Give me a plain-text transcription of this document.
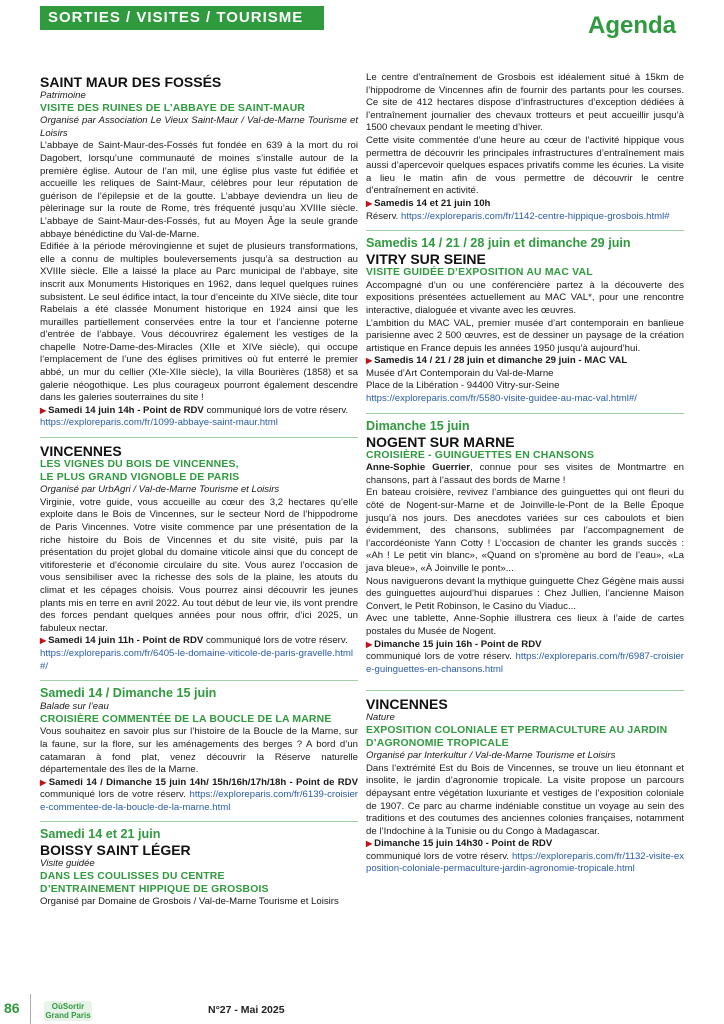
SORTIES / VISITES / TOURISME	Agenda
SAINT MAUR DES FOSSÉS
Patrimoine
VISITE DES RUINES DE L’ABBAYE DE SAINT-MAUR

Organisé par Association Le Vieux Saint-Maur / Val-de-Marne Tourisme et Loisirs

L’abbaye de Saint-Maur-des-Fossés fut fondée en 639 à la mort du roi Dagobert, lorsqu’une communauté de moines s’installe autour de la première église. Autour de l’an mil, une église plus vaste fut édifiée et accueille les reliques de Saint-Maur, célèbres pour leur réputation de guérison de l’épilepsie et de la goutte. L’abbaye deviendra un lieu de pèlerinage sur la route de Rome, très fréquenté jusqu’au XVIIIe siècle. L’abbaye de Saint-Maur-des-Fossés, fut au Moyen Âge la seule grande abbaye bénédictine du Val-de-Marne.

Edifiée à la période mérovingienne et sujet de plusieurs transformations, elle a connu de multiples bouleversements jusqu’à sa destruction au XVIIIe siècle. Elle a laissé la place au Parc municipal de l’abbaye, site inscrit aux Monuments Historiques en 1962, dans lequel quelques ruines subsistent. Le seul édifice intact, la tour d’enceinte du XIVe siècle, dite tour Rabelais a été classée Monument historique en 1924 ainsi que les murailles partiellement conservées entre la tour et l’ancienne poterne d’entrée de l’abbaye. Vous découvrirez également les vestiges de la chapelle Notre-Dame-des-Miracles (XIIe et XIVe siècle), qui occupe l’emplacement de l’une des églises primitives où fut enterré le premier abbé, un mur du cellier (XIe-XIIe siècle), la villa Bourières (1858) et sa galerie néogothique. Les plus courageux pourront également descendre dans les galeries souterraines du site !

▶ Samedi 14 juin 14h - Point de RDV communiqué lors de votre réserv.

https://exploreparis.com/fr/1099-abbaye-saint-maur.html

VINCENNES
LES VIGNES DU BOIS DE VINCENNES,
LE PLUS GRAND VIGNOBLE DE PARIS

Organisé par UrbAgri / Val-de-Marne Tourisme et Loisirs

Virginie, votre guide, vous accueille au cœur des 3,2 hectares qu’elle exploite dans le Bois de Vincennes, sur le secteur Nord de l’hippodrome de Paris Vincennes. Votre visite commence par une présentation de la riche histoire du Bois de Vincennes et du site visité, puis par la présentation du projet global du domaine viticole ainsi que du concept de vitiforesterie et d’économie circulaire du site. Vous aurez l’occasion de vous sensibiliser avec la richesse des sols de la plaine, les atouts du climat et les cépages choisis. Vous pourrez ainsi découvrir les jeunes plants mis en terre en avril 2022. Au tout début de leur vie, ils vont prendre des forces pendant quelques années pour nous offrir, d’ici 2025, un fabuleux nectar.

▶ Samedi 14 juin 11h - Point de RDV communiqué lors de votre réserv.

https://exploreparis.com/fr/6405-le-domaine-viticole-de-paris-gravelle.html#/

Samedi 14 / Dimanche 15 juin
Balade sur l’eau
CROISIÈRE COMMENTÉE DE LA BOUCLE DE LA MARNE

Vous souhaitez en savoir plus sur l’histoire de la Boucle de la Marne, sur la faune, sur la flore, sur les aménagements des berges ? A bord d’un catamaran à fond plat, venez découvrir la Réserve naturelle départementale des îles de la Marne.

▶ Samedi 14 / Dimanche 15 juin 14h/ 15h/16h/17h/18h - Point de RDV communiqué lors de votre réserv. https://exploreparis.com/fr/6139-croisiere-commentee-de-la-boucle-de-la-marne.html

Samedi 14 et 21 juin
BOISSY SAINT LÉGER
Visite guidée
DANS LES COULISSES DU CENTRE
D’ENTRAINEMENT HIPPIQUE DE GROSBOIS

Organisé par Domaine de Grosbois / Val-de-Marne Tourisme et Loisirs

Le centre d’entraînement de Grosbois est idéalement situé à 15km de l’hippodrome de Vincennes afin de fournir des partants pour les courses. Ce site de 412 hectares dispose d’infrastructures d’exception dédiées à l’entraînement journalier des chevaux trotteurs et peut accueillir jusqu’à 1500 chevaux pendant le meeting d’hiver.

Cette visite commentée d’une heure au cœur de l’activité hippique vous permettra de découvrir les principales infrastructures d’entraînement mais aussi d’apercevoir quelques espaces privatifs comme les écuries. La visite a lieu le matin afin de vous permettre de découvrir le centre d’entraînement en activité.

▶ Samedis 14 et 21 juin 10h

Réserv. https://exploreparis.com/fr/1142-centre-hippique-grosbois.html#

Samedis 14 / 21 / 28 juin et dimanche 29 juin
VITRY SUR SEINE
VISITE GUIDÉE D’EXPOSITION AU MAC VAL

Accompagné d’un ou une conférencière partez à la découverte des expositions présentées actuellement au MAC VAL*, pour une rencontre interactive, dialoguée et vivante avec les œuvres.

L’ambition du MAC VAL, premier musée d’art contemporain en banlieue parisienne avec 2 500 œuvres, est de dessiner un paysage de la création artistique en France depuis les années 1950 jusqu’à aujourd’hui.

▶ Samedis 14 / 21 / 28 juin et dimanche 29 juin - MAC VAL

Musée d’Art Contemporain du Val-de-Marne

Place de la Libération - 94400 Vitry-sur-Seine

https://exploreparis.com/fr/5580-visite-guidee-au-mac-val.html#/

Dimanche 15 juin
NOGENT SUR MARNE
CROISIÈRE - GUINGUETTES EN CHANSONS

Anne-Sophie Guerrier, connue pour ses visites de Montmartre en chansons, part à l’assaut des bords de Marne !

En bateau croisière, revivez l’ambiance des guinguettes qui ont fleuri du côté de Nogent-sur-Marne et de Joinville-le-Pont de la Belle Époque jusqu’à nos jours. Des anecdotes variées sur ces caboulots et bien évidemment, des chansons, sublimées par l’accompagnement de l’accordéoniste Yann Cotty ! L’occasion de chanter les grands succès : «Ah ! Le petit vin blanc», «Quand on s’promène au bord de l’eau», «La java bleue», «À Joinville le pont»...

Nous naviguerons devant la mythique guinguette Chez Gégène mais aussi des guinguettes aujourd’hui disparues : Chez Jullien, l’ancienne Maison Convert, le Petit Robinson, le Casino du Viaduc...

Avec une tablette, Anne-Sophie illustrera ces lieux à l’aide de cartes postales du Musée de Nogent.

▶ Dimanche 15 juin 16h - Point de RDV

communiqué lors de votre réserv. https://exploreparis.com/fr/6987-croisiere-guinguettes-en-chansons.html

VINCENNES
Nature
EXPOSITION COLONIALE ET PERMACULTURE AU JARDIN
D’AGRONOMIE TROPICALE

Organisé par Interkultur / Val-de-Marne Tourisme et Loisirs

Dans l’extrémité Est du Bois de Vincennes, se trouve un lieu étonnant et insolite, le jardin d’agronomie tropicale. La visite propose un parcours dépaysant entre végétation luxuriante et vestiges de l’exposition coloniale de 1907. Ce parc au charme indéniable constitue un voyage au sein des traditions et des coutumes des anciennes colonies françaises, notamment de l’Indochine à la Tunisie ou du Congo à Madagascar.

▶ Dimanche 15 juin 14h30 - Point de RDV

communiqué lors de votre réserv. https://exploreparis.com/fr/1132-visite-exposition-coloniale-permaculture-jardin-agronomie-tropicale.html

86	OùSortir Grand Paris	N°27 - Mai 2025
